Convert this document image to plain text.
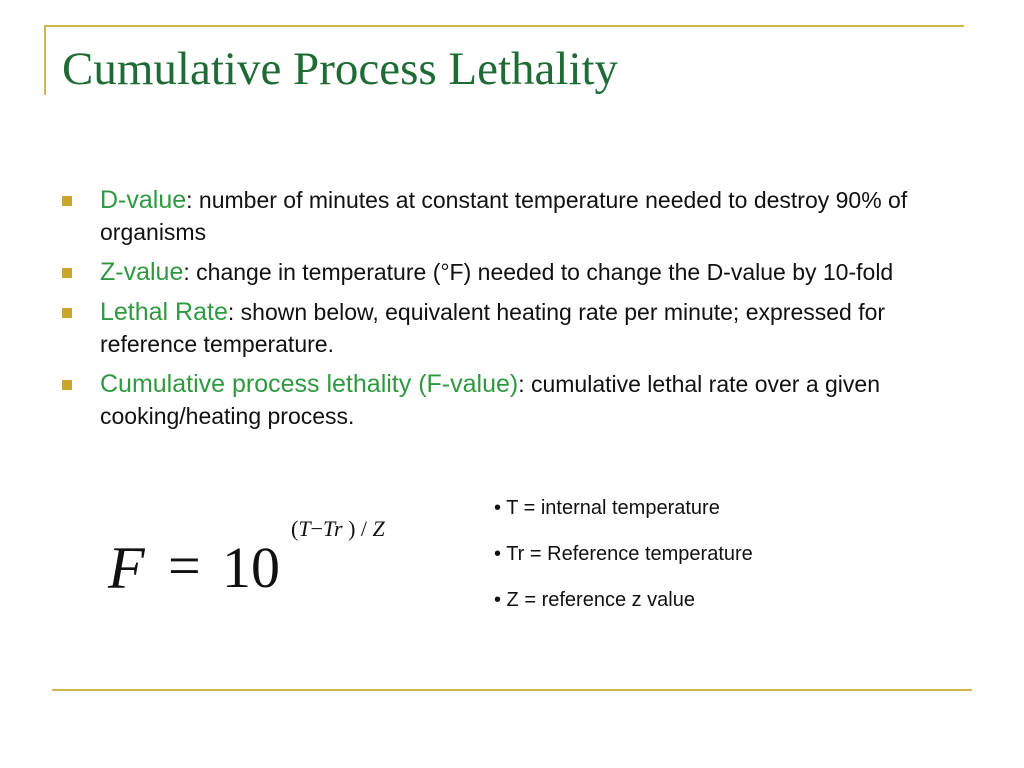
Cumulative Process Lethality
D-value: number of minutes at constant temperature needed to destroy 90% of organisms
Z-value: change in temperature (°F) needed to change the D-value by 10-fold
Lethal Rate: shown below, equivalent heating rate per minute; expressed for reference temperature.
Cumulative process lethality (F-value): cumulative lethal rate over a given cooking/heating process.
F = 10
(T−Tr ) / Z
• T = internal temperature
• Tr = Reference temperature
• Z = reference z value
